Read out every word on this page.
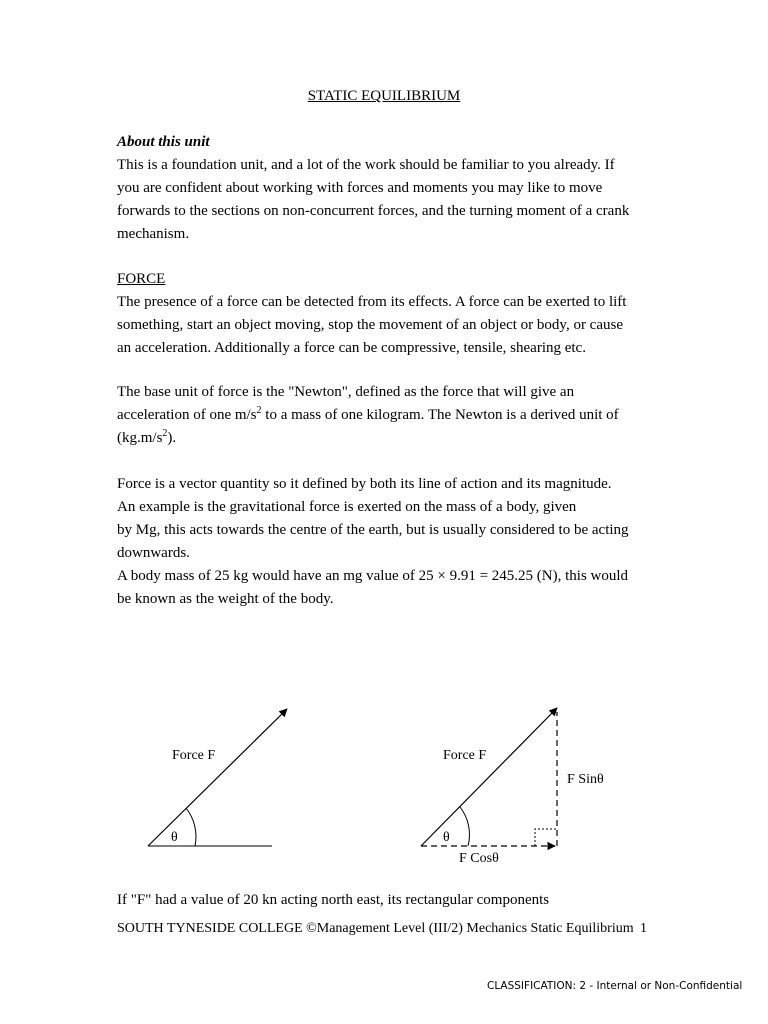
STATIC EQUILIBRIUM
About this unit
This is a foundation unit, and a lot of the work should be familiar to you already. If
you are confident about working with forces and moments you may like to move
forwards to the sections on non-concurrent forces, and the turning moment of a crank
mechanism.
FORCE
The presence of a force can be detected from its effects. A force can be exerted to lift
something, start an object moving, stop the movement of an object or body, or cause
an acceleration. Additionally a force can be compressive, tensile, shearing etc.
The base unit of force is the "Newton", defined as the force that will give an
acceleration of one $m/s^2$ to a mass of one kilogram. The Newton is a derived unit of
$(kg.m/s^2)$.
Force is a vector quantity so it defined by both its line of action and its magnitude.
An example is the gravitational force is exerted on the mass of a body, given
by Mg, this acts towards the centre of the earth, but is usually considered to be acting
downwards.
A body mass of 25 kg would have an mg value of 25 × 9.91 = 245.25 (N), this would
be known as the weight of the body.
Force F
θ
Force F
θ
F Sinθ
F Cosθ
If "F" had a value of 20 kn acting north east, its rectangular components
SOUTH TYNESIDE COLLEGE ©Management Level (III/2) Mechanics Static Equilibrium 1
CLASSIFICATION: 2 - Internal or Non-Confidential
